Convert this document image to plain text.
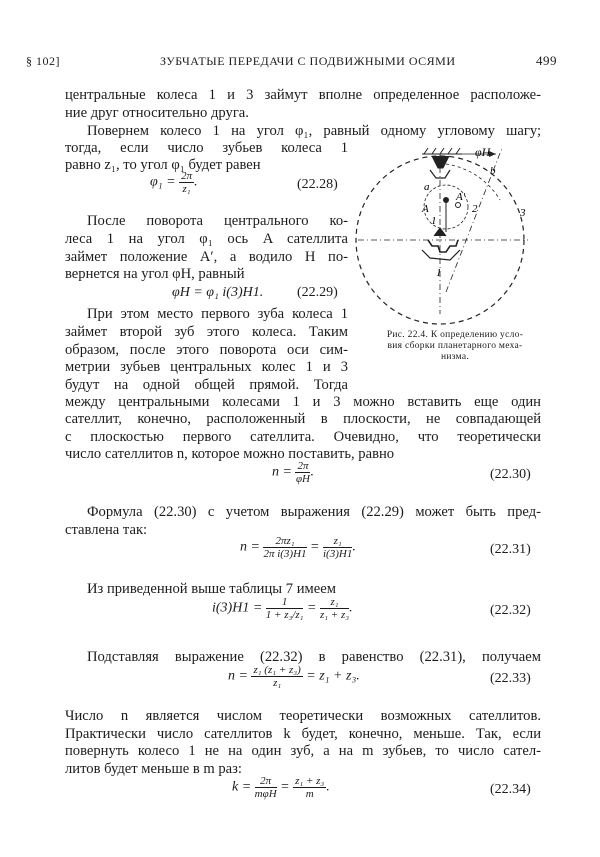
§ 102]	ЗУБЧАТЫЕ ПЕРЕДАЧИ С ПОДВИЖНЫМИ ОСЯМИ	499
центральные колеса 1 и 3 займут вполне определенное расположе-
ние друг относительно друга.
Повернем колесо 1 на угол φ₁, равный одному угловому шагу;
тогда, если число зубьев колеса 1
равно z₁, то угол φ₁ будет равен
$\varphi_1 = \frac{2\pi}{\text{z₁}}$ .	(22.28)
После поворота центрального ко-
леса 1 на угол φ₁ ось A сателлита
займет положение A′, а водило H по-
вернется на угол φH, равный
φH = φ₁ i(3)H1. (22.29)
При этом место первого зуба колеса 1
займет второй зуб этого колеса. Таким
образом, после этого поворота оси сим-
метрии зубьев центральных колес 1 и 3
будут на одной общей прямой. Тогда
φH
a
b
A
A′
1
2	3
1
Рис. 22.4. К определению усло-
вия сборки планетарного меха-
низма.
между центральными колесами 1 и 3 можно вставить еще один
сателлит, конечно, расположенный в плоскости, не совпадающей
с плоскостью первого сателлита. Очевидно, что теоретически
число сателлитов n, которое можно поставить, равно
$n = \frac{2\pi}{\varphi H}$ .	(22.30)
Формула (22.30) с учетом выражения (22.29) может быть пред-
ставлена так:
$n = \frac{\text{2πz₁}}{\text{2π i(3)H1}} = \frac{\text{z₁}}{i(3)H1}$ .	(22.31)
Из приведенной выше таблицы 7 имеем
$i(3)H1 = \frac{1}{\text{1 + z₃/z₁}} = \frac{\text{z₁}}{\text{z₁ + z₃}}$ .	(22.32)
Подставляя выражение (22.32) в равенство (22.31), получаем
$n = \frac{\text{z₁ (z₁ + z₃)}}{\text{z₁}} = z_1 + z_3$.	(22.33)
Число n является числом теоретически возможных сателлитов.
Практически число сателлитов k будет, конечно, меньше. Так, если
повернуть колесо 1 не на один зуб, а на m зубьев, то число сател-
литов будет меньше в m раз:
$k = \frac{2\pi}{\text{mφH}} = \frac{\text{z₁ + z₃}}{m}$ .	(22.34)
